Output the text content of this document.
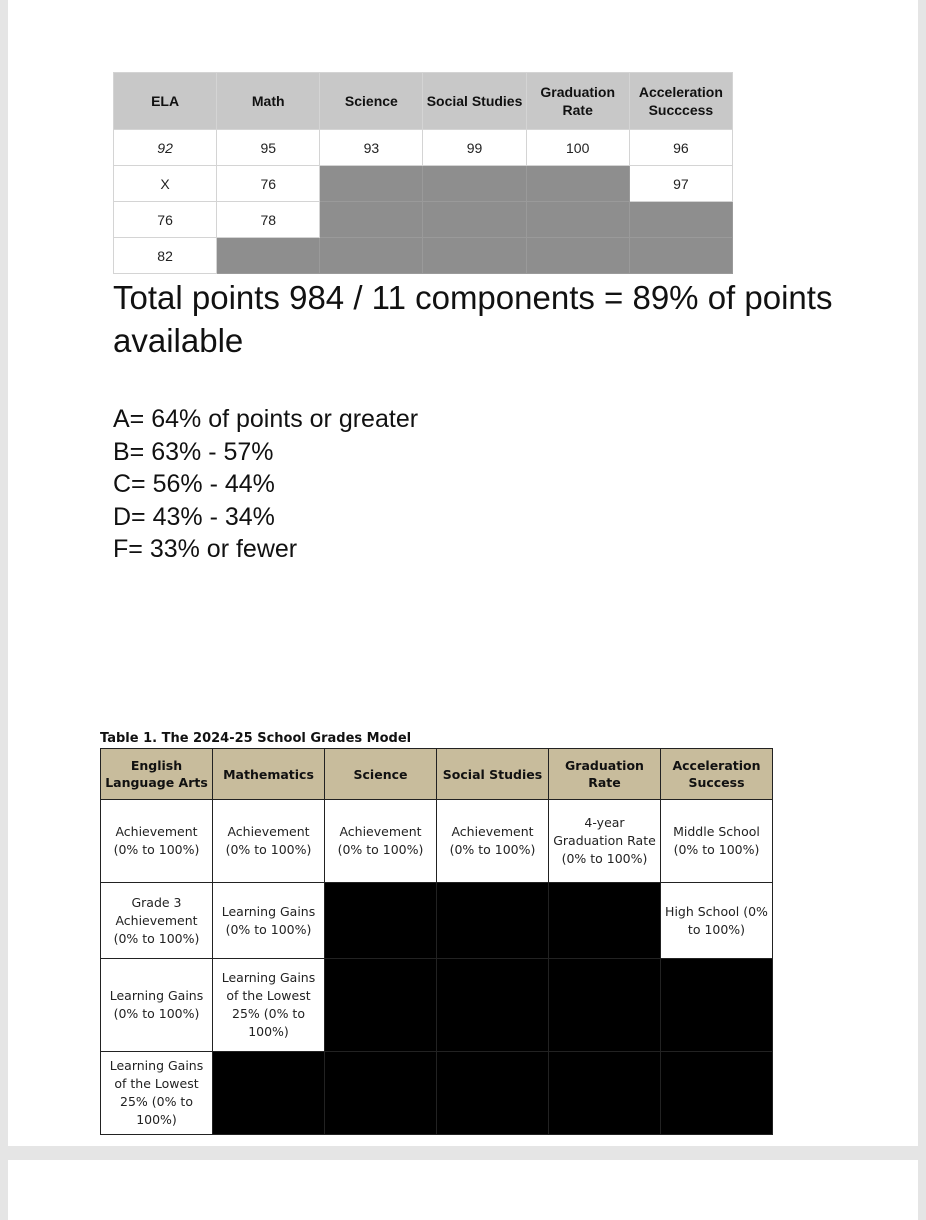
ELA	Math	Science	Social Studies	Graduation Rate	Acceleration Succcess
92	95	93	99	100	96
X	76				97
76	78				
82					
Total points 984 / 11 components = 89% of points available
A= 64% of points or greater
B= 63% - 57%
C= 56% - 44%
D= 43% - 34%
F= 33% or fewer
Table 1. The 2024-25 School Grades Model
English Language Arts	Mathematics	Science	Social Studies	Graduation Rate	Acceleration Success
Achievement (0% to 100%)	Achievement (0% to 100%)	Achievement (0% to 100%)	Achievement (0% to 100%)	4-year Graduation Rate (0% to 100%)	Middle School (0% to 100%)
Grade 3 Achievement (0% to 100%)	Learning Gains (0% to 100%)				High School (0% to 100%)
Learning Gains (0% to 100%)	Learning Gains of the Lowest 25% (0% to 100%)				
Learning Gains of the Lowest 25% (0% to 100%)					
